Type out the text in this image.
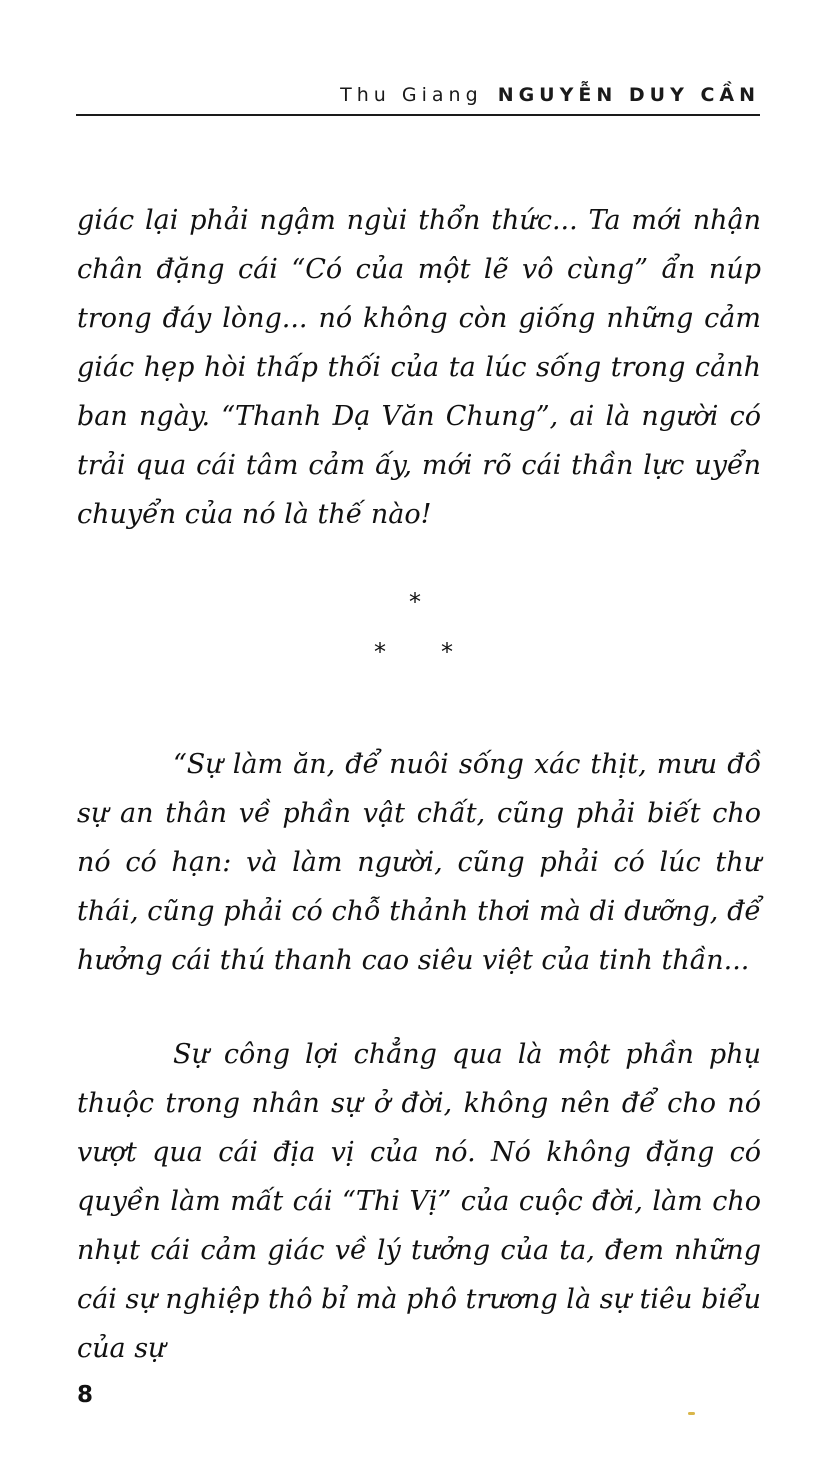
Thu Giang NGUYỄN DUY CẦN

giác lại phải ngậm ngùi thổn thức... Ta mới nhận chân đặng cái “Có của một lẽ vô cùng” ẩn núp trong đáy lòng... nó không còn giống những cảm giác hẹp hòi thấp thối của ta lúc sống trong cảnh ban ngày. “Thanh Dạ Văn Chung”, ai là người có trải qua cái tâm cảm ấy, mới rõ cái thần lực uyển chuyển của nó là thế nào!

*
* *

“Sự làm ăn, để nuôi sống xác thịt, mưu đồ sự an thân về phần vật chất, cũng phải biết cho nó có hạn: và làm người, cũng phải có lúc thư thái, cũng phải có chỗ thảnh thơi mà di dưỡng, để hưởng cái thú thanh cao siêu việt của tinh thần...

Sự công lợi chẳng qua là một phần phụ thuộc trong nhân sự ở đời, không nên để cho nó vượt qua cái địa vị của nó. Nó không đặng có quyền làm mất cái “Thi Vị” của cuộc đời, làm cho nhụt cái cảm giác về lý tưởng của ta, đem những cái sự nghiệp thô bỉ mà phô trương là sự tiêu biểu của sự

8
